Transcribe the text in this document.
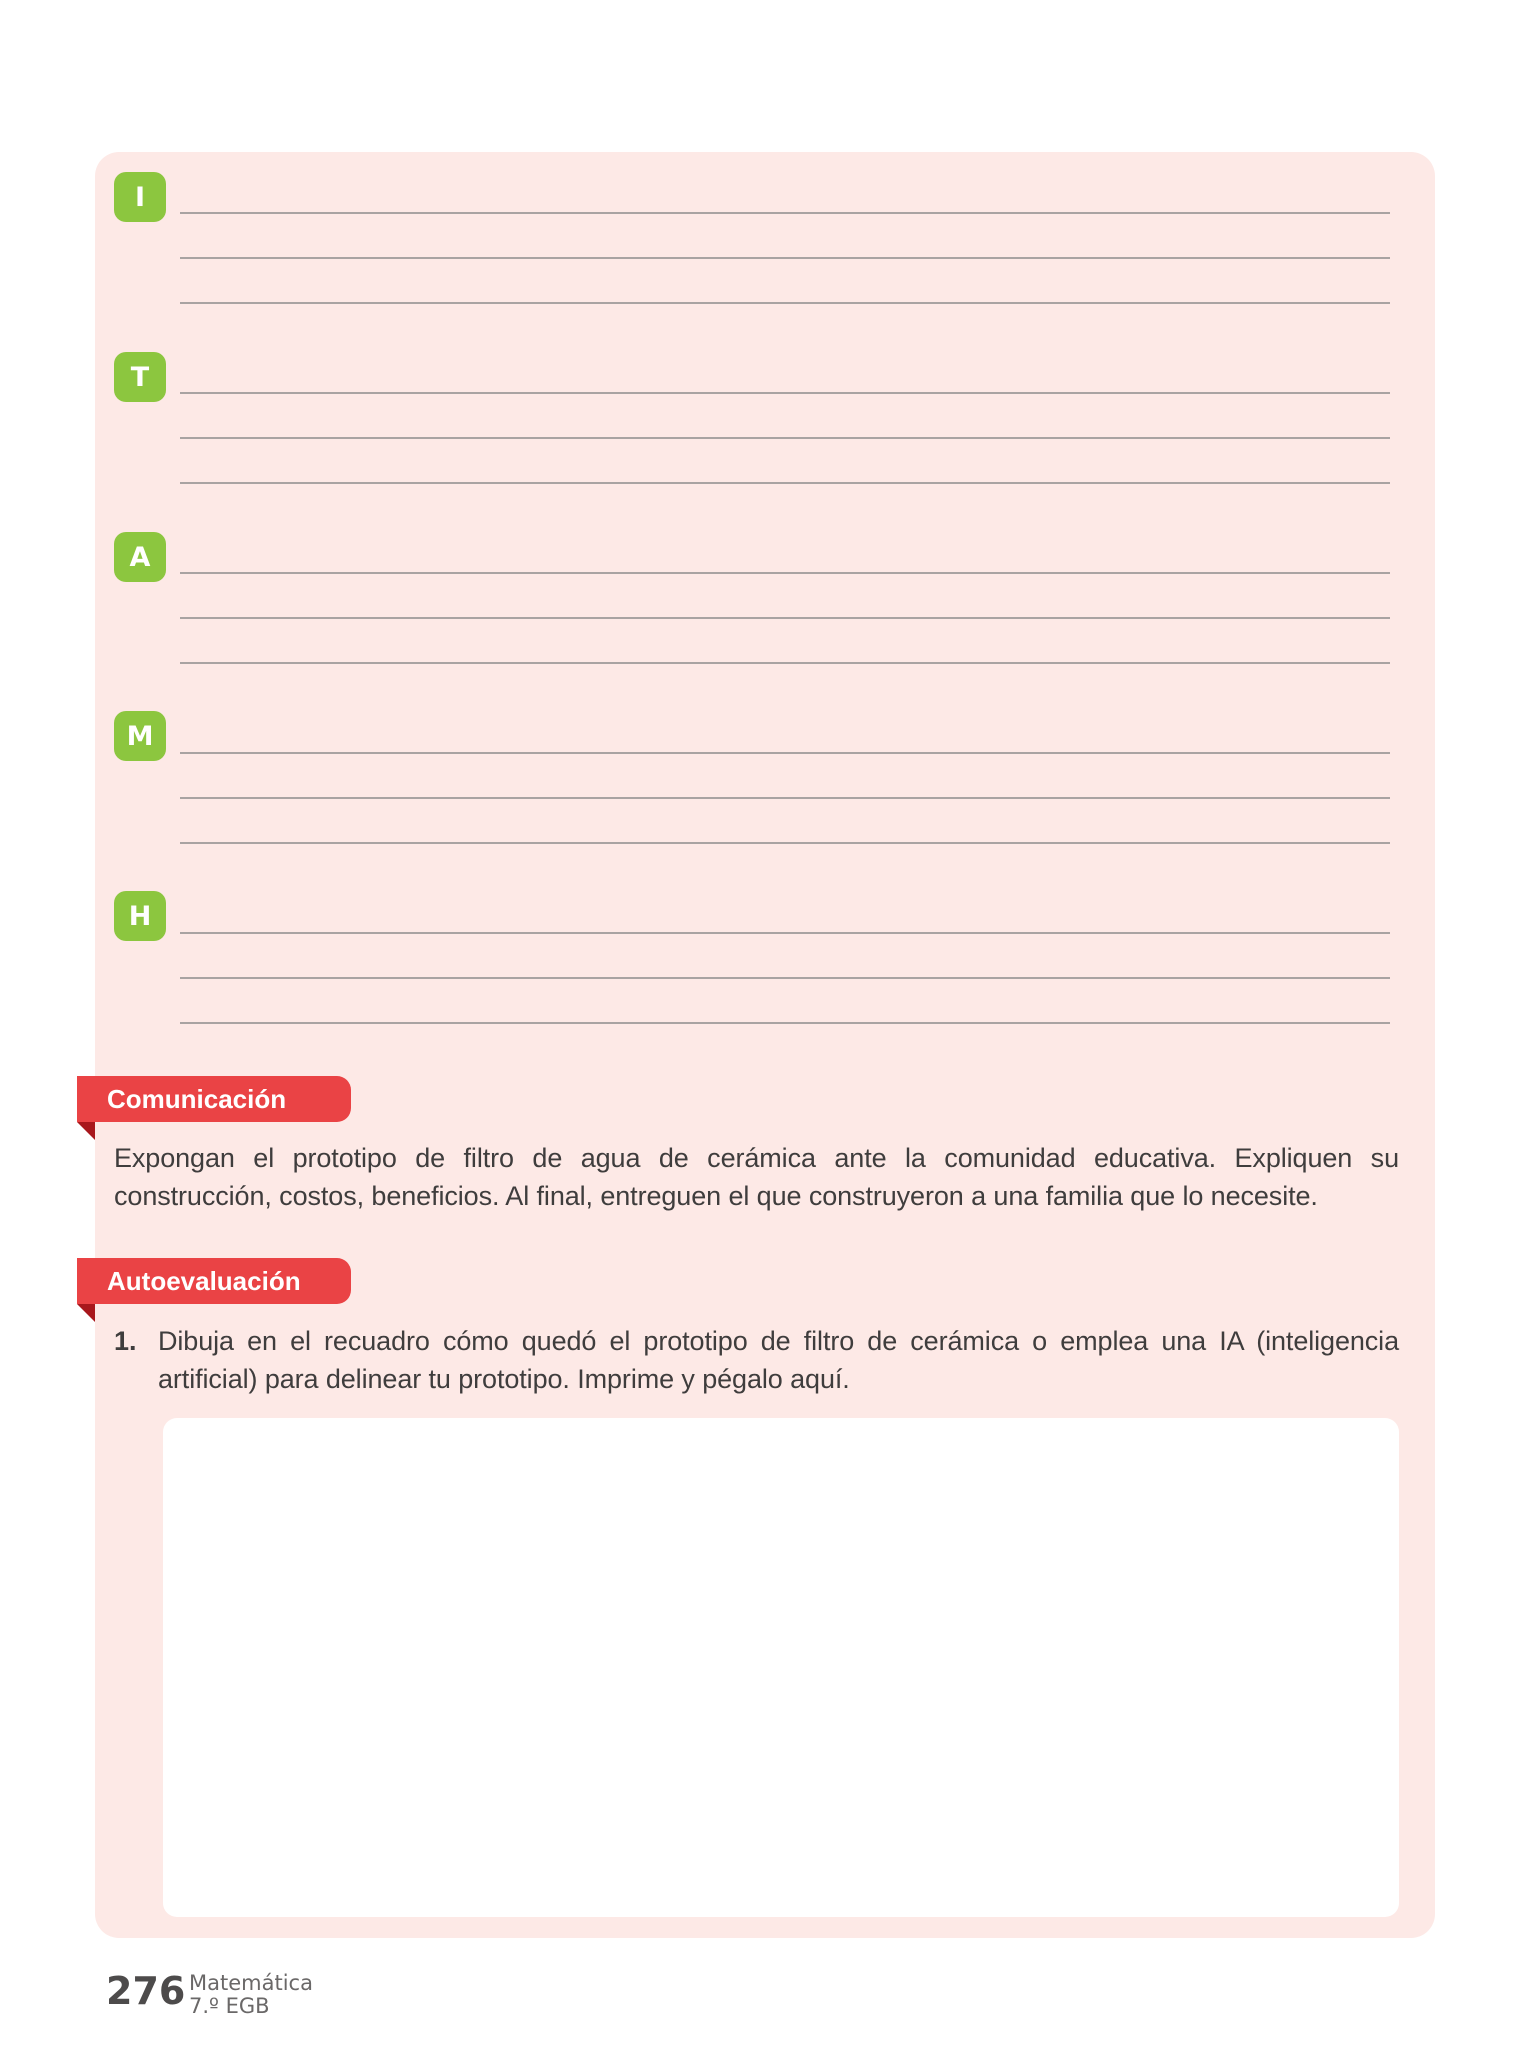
I
T
A
M
H
Comunicación
Expongan el prototipo de filtro de agua de cerámica ante la comunidad educativa. Expliquen su
construcción, costos, beneficios. Al final, entreguen el que construyeron a una familia que lo necesite.
Autoevaluación
1. Dibuja en el recuadro cómo quedó el prototipo de filtro de cerámica o emplea una IA (inteligencia
artificial) para delinear tu prototipo. Imprime y pégalo aquí.
276 Matemática
7.º EGB
